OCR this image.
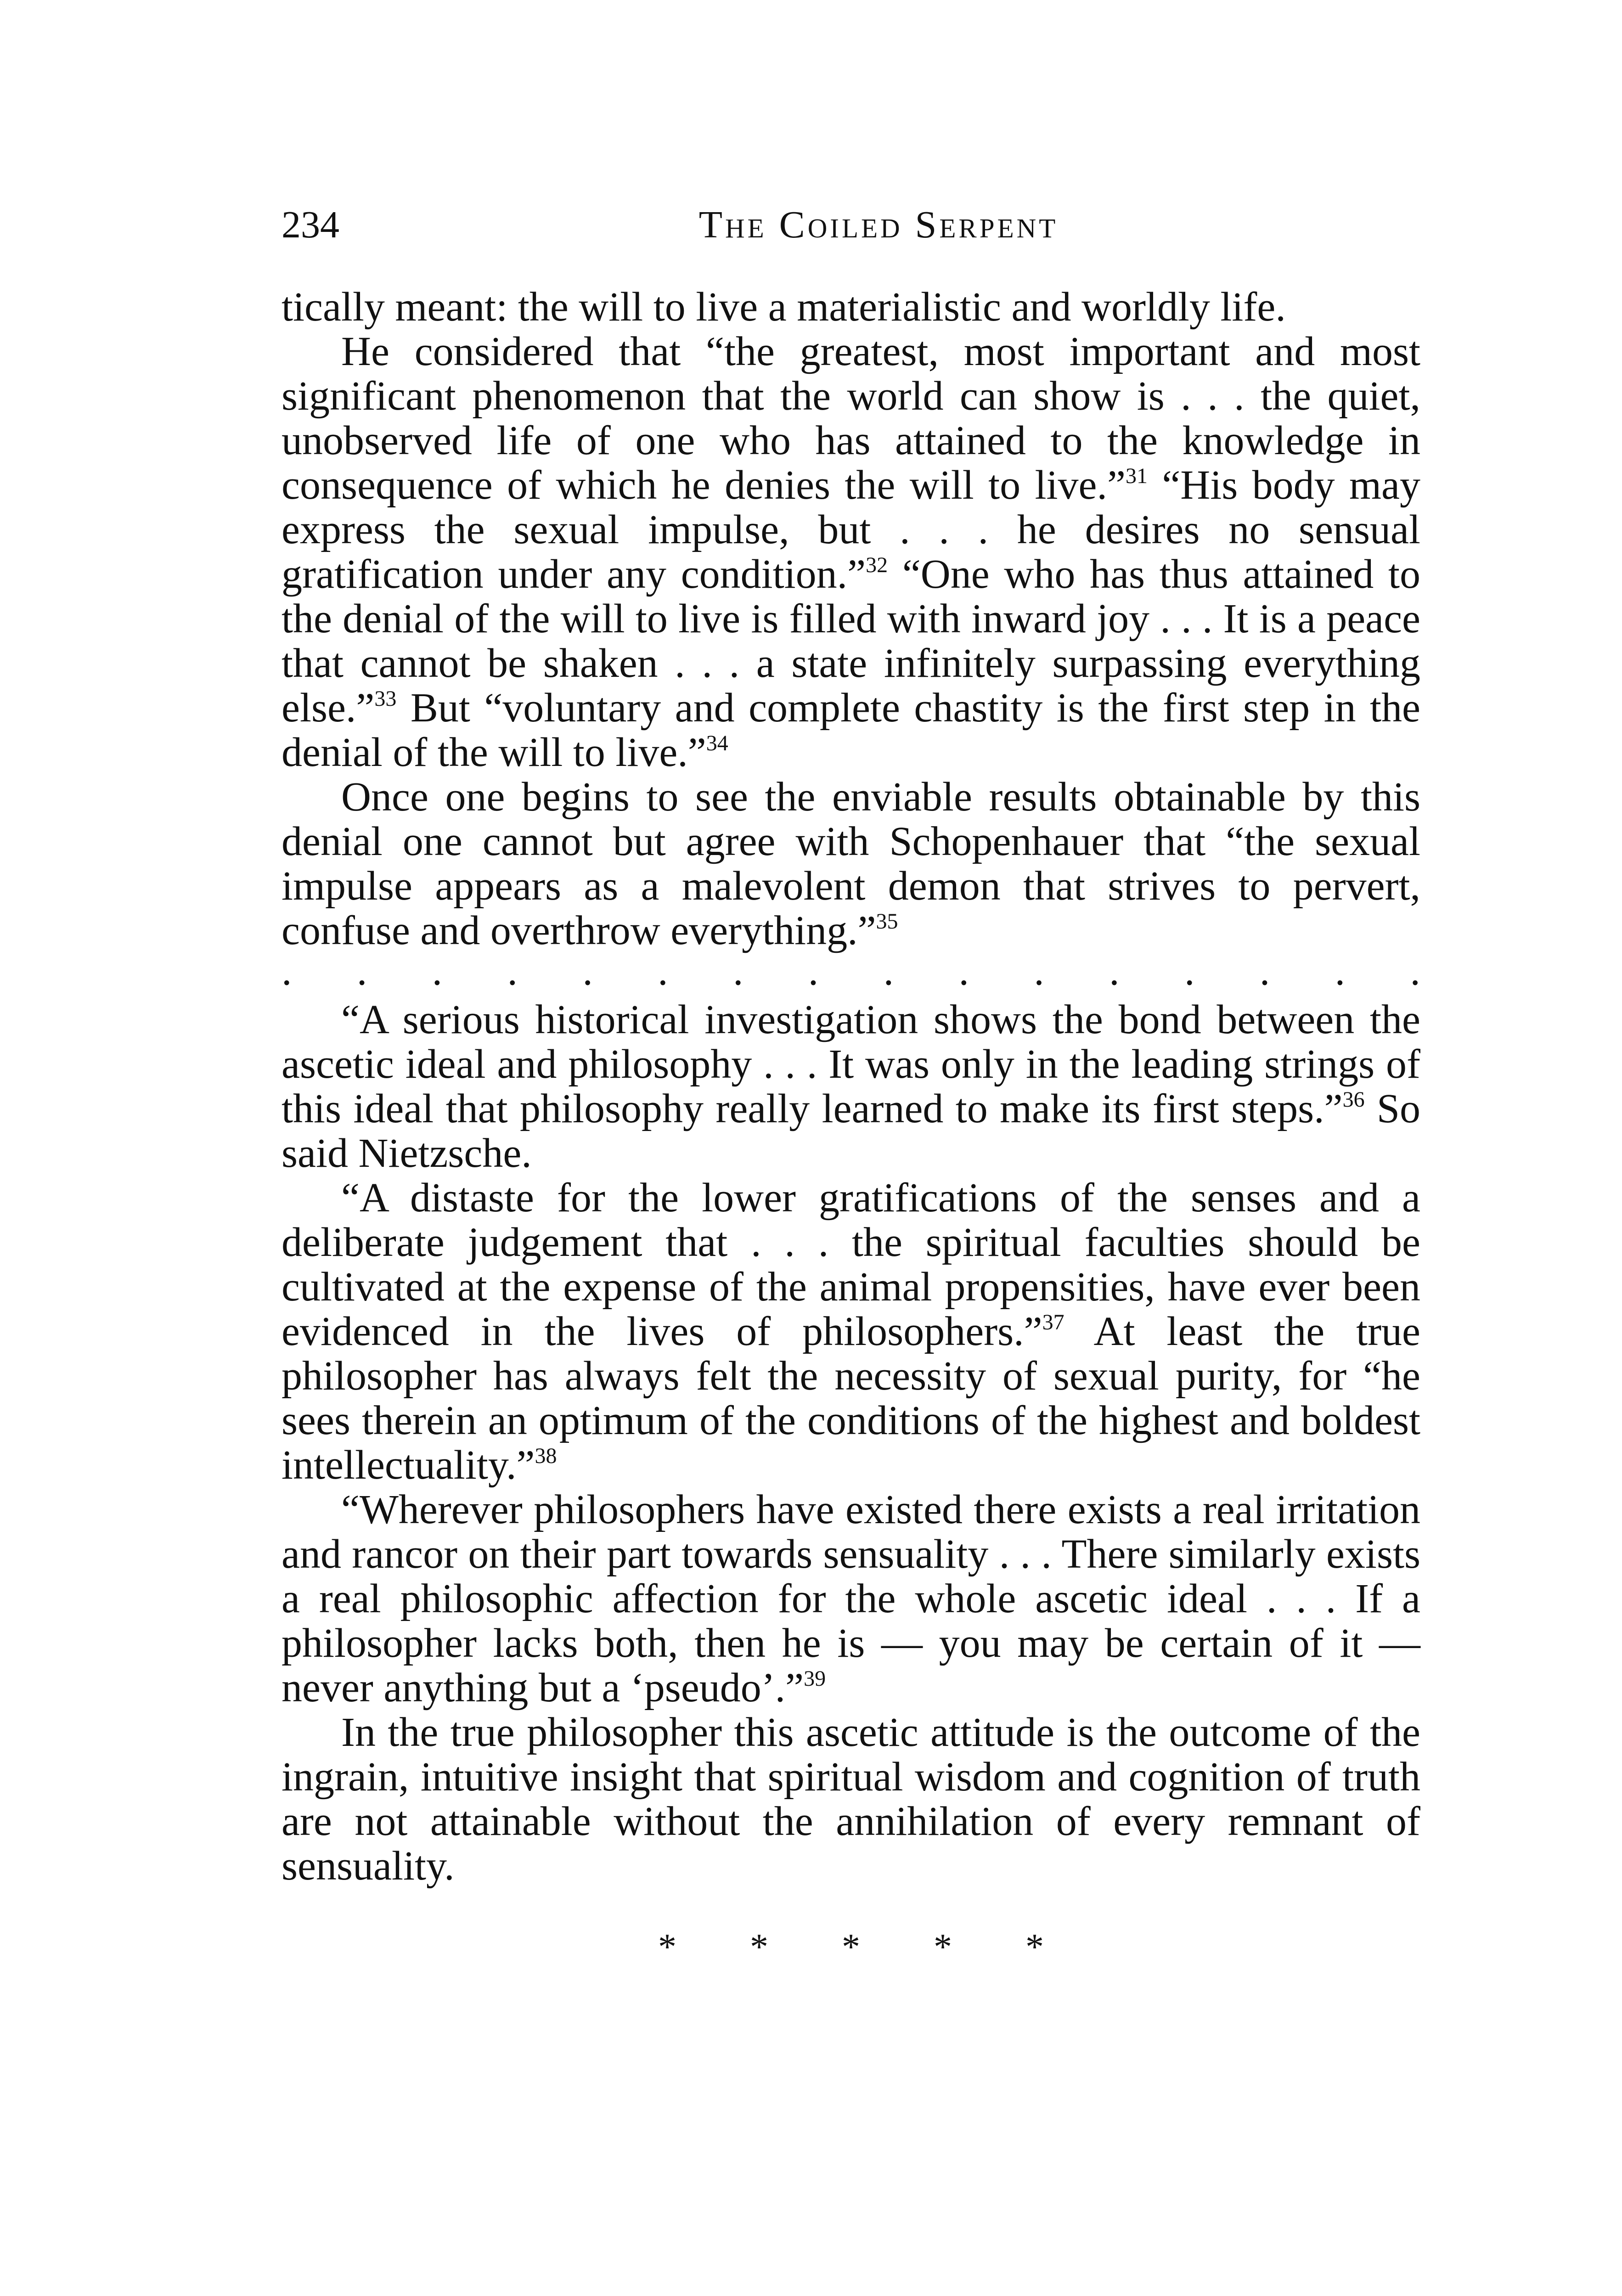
234	The Coiled Serpent

tically meant: the will to live a materialistic and worldly life.

He considered that “the greatest, most important and most significant phenomenon that the world can show is . . . the quiet, unobserved life of one who has attained to the knowledge in consequence of which he denies the will to live.”$^{31}$ “His body may express the sexual impulse, but . . . he desires no sensual gratification under any condition.”$^{32}$ “One who has thus attained to the denial of the will to live is filled with inward joy . . . It is a peace that cannot be shaken . . . a state infinitely surpassing everything else.”$^{33}$ But “voluntary and complete chastity is the first step in the denial of the will to live.”$^{34}$

Once one begins to see the enviable results obtainable by this denial one cannot but agree with Schopenhauer that “the sexual impulse appears as a malevolent demon that strives to pervert, confuse and overthrow everything.”$^{35}$

. . . . . . . . . . . . . . . .

“A serious historical investigation shows the bond between the ascetic ideal and philosophy . . . It was only in the leading strings of this ideal that philosophy really learned to make its first steps.”$^{36}$ So said Nietzsche.

“A distaste for the lower gratifications of the senses and a deliberate judgement that . . . the spiritual faculties should be cultivated at the expense of the animal propensities, have ever been evidenced in the lives of philosophers.”$^{37}$ At least the true philosopher has always felt the necessity of sexual purity, for “he sees therein an optimum of the conditions of the highest and boldest intellectuality.”$^{38}$

“Wherever philosophers have existed there exists a real irritation and rancor on their part towards sensuality . . . There similarly exists a real philosophic affection for the whole ascetic ideal . . . If a philosopher lacks both, then he is — you may be certain of it — never anything but a ‘pseudo’.”$^{39}$

In the true philosopher this ascetic attitude is the outcome of the ingrain, intuitive insight that spiritual wisdom and cognition of truth are not attainable without the annihilation of every remnant of sensuality.

* * * * *
